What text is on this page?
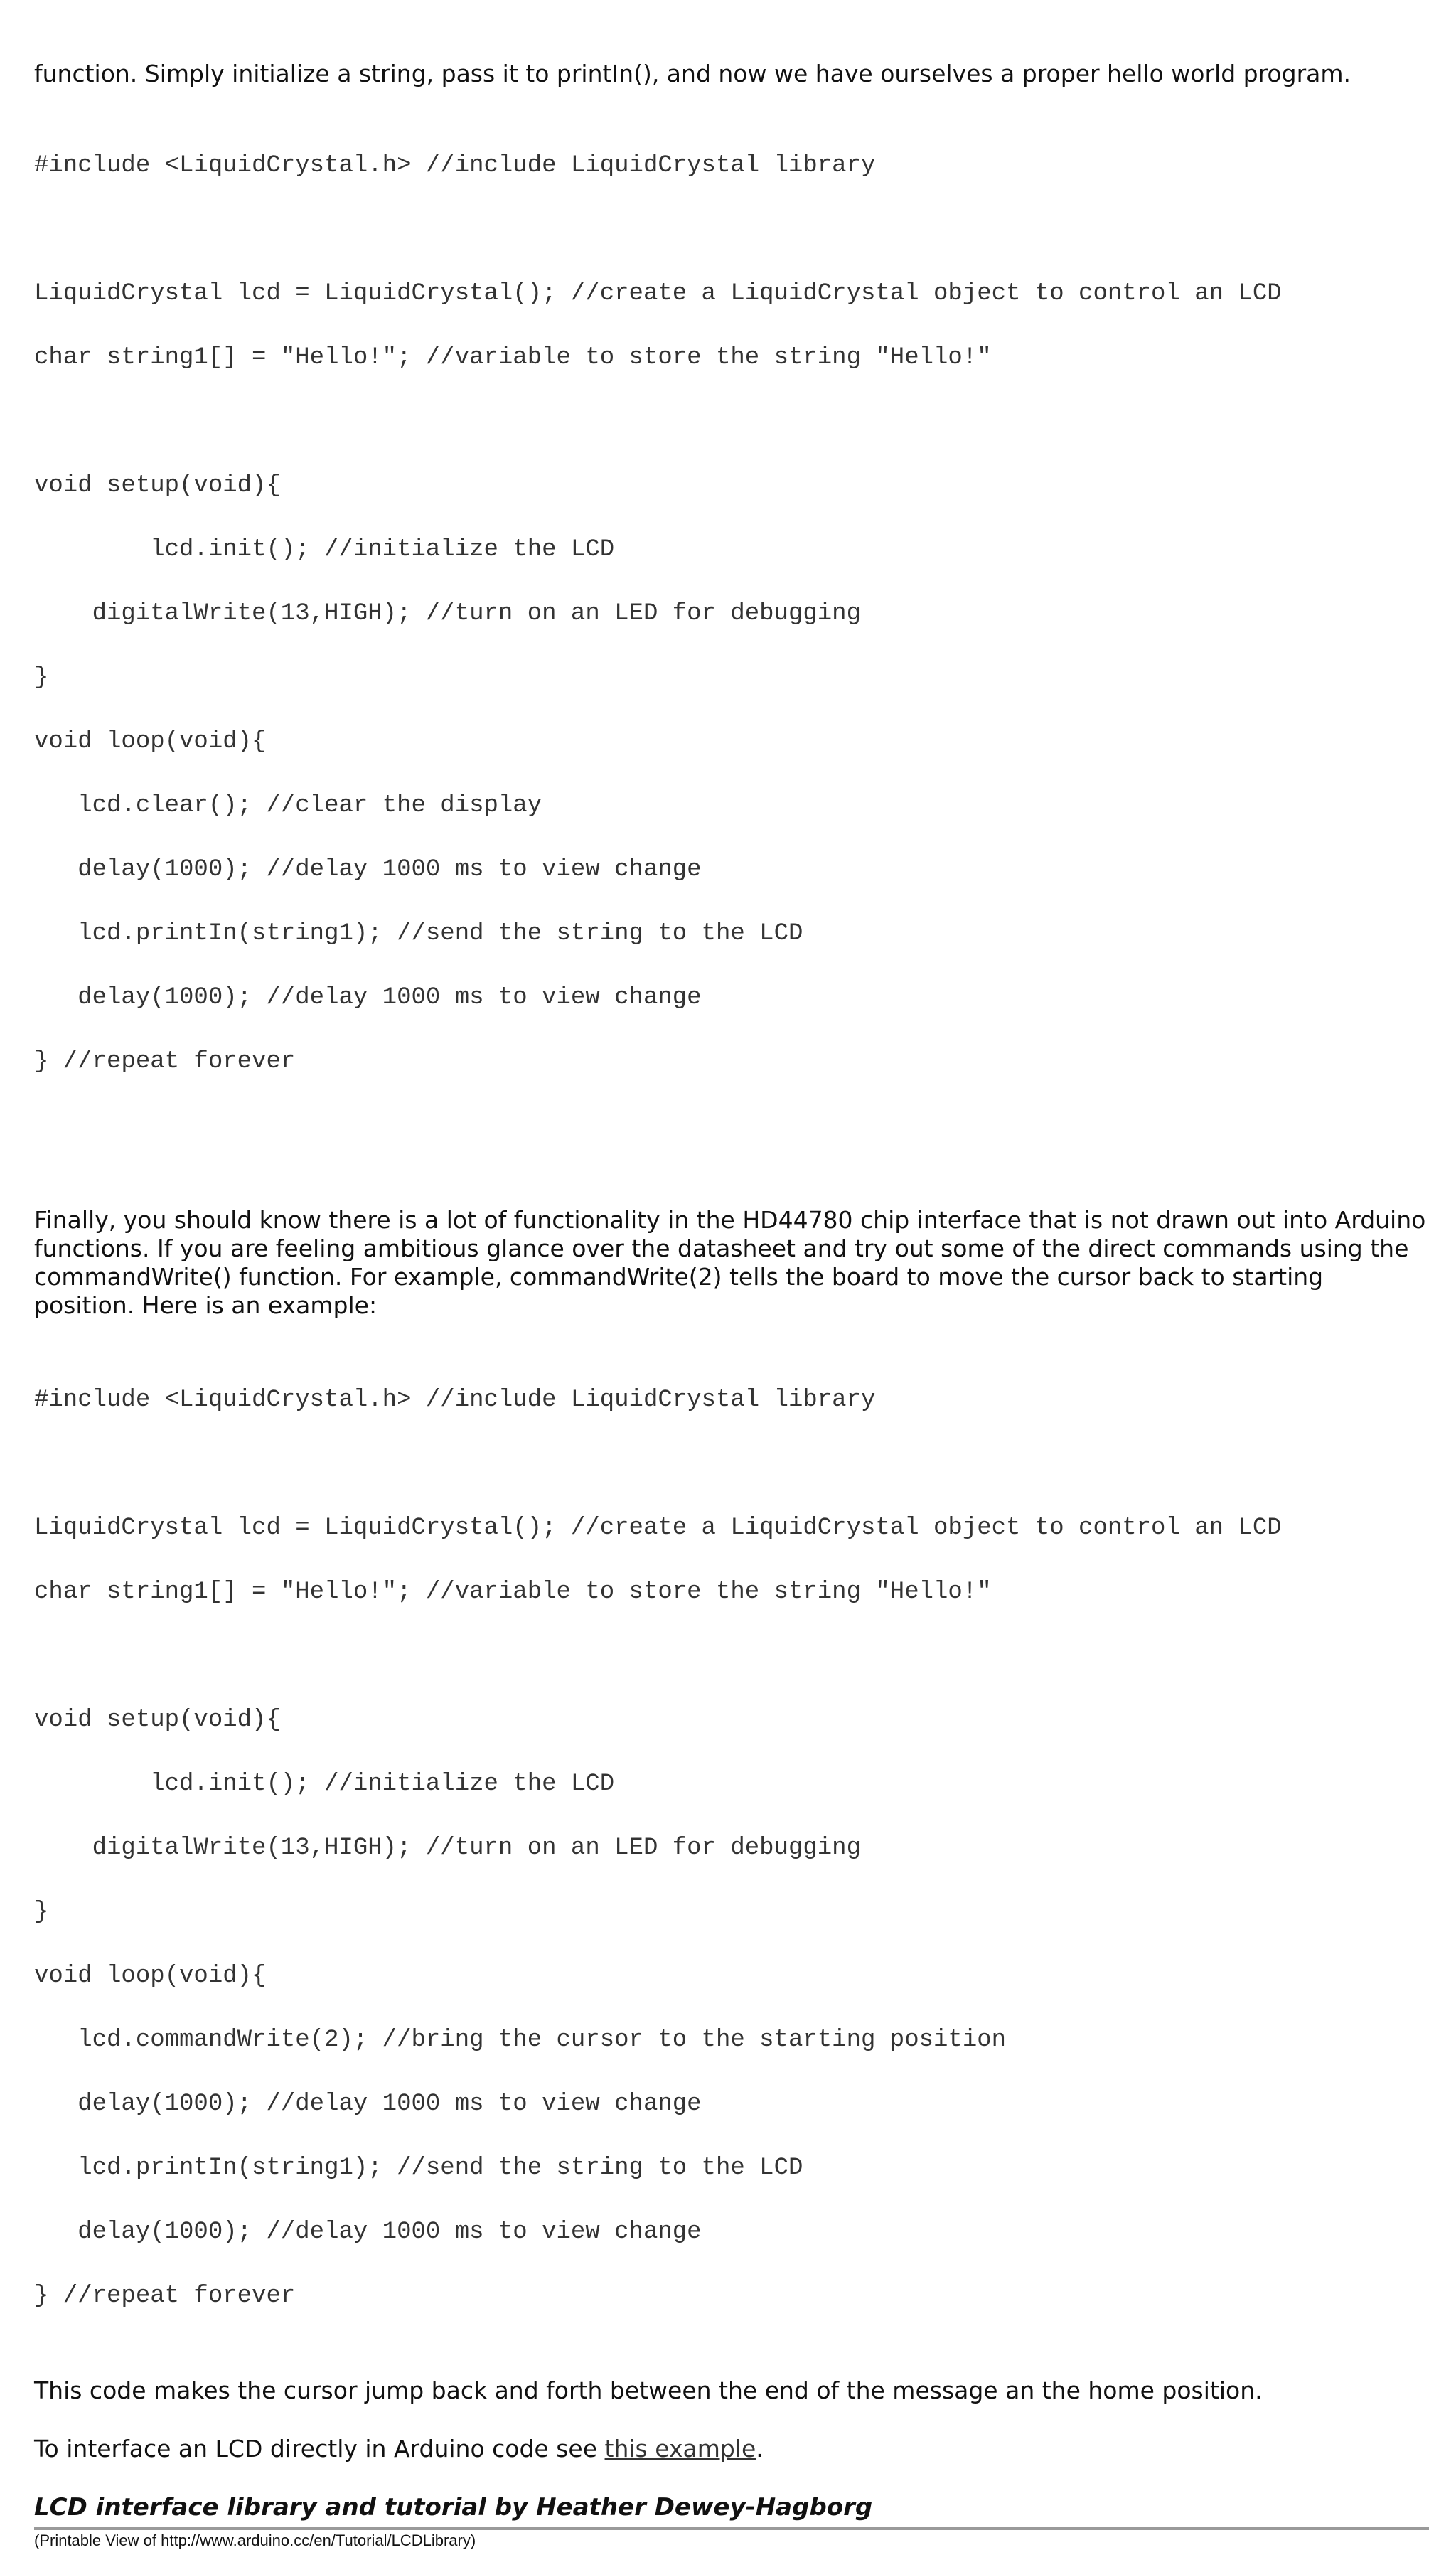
function. Simply initialize a string, pass it to printIn(), and now we have ourselves a proper hello world program.

#include <LiquidCrystal.h> //include LiquidCrystal library

LiquidCrystal lcd = LiquidCrystal(); //create a LiquidCrystal object to control an LCD

char string1[] = "Hello!"; //variable to store the string "Hello!"

void setup(void){

lcd.init(); //initialize the LCD

digitalWrite(13,HIGH); //turn on an LED for debugging

}

void loop(void){

lcd.clear(); //clear the display

delay(1000); //delay 1000 ms to view change

lcd.printIn(string1); //send the string to the LCD

delay(1000); //delay 1000 ms to view change

} //repeat forever

Finally, you should know there is a lot of functionality in the HD44780 chip interface that is not drawn out into Arduino functions. If you are feeling ambitious glance over the datasheet and try out some of the direct commands using the commandWrite() function. For example, commandWrite(2) tells the board to move the cursor back to starting position. Here is an example:

#include <LiquidCrystal.h> //include LiquidCrystal library

LiquidCrystal lcd = LiquidCrystal(); //create a LiquidCrystal object to control an LCD

char string1[] = "Hello!"; //variable to store the string "Hello!"

void setup(void){

lcd.init(); //initialize the LCD

digitalWrite(13,HIGH); //turn on an LED for debugging

}

void loop(void){

lcd.commandWrite(2); //bring the cursor to the starting position

delay(1000); //delay 1000 ms to view change

lcd.printIn(string1); //send the string to the LCD

delay(1000); //delay 1000 ms to view change

} //repeat forever

This code makes the cursor jump back and forth between the end of the message an the home position.

To interface an LCD directly in Arduino code see this example.

LCD interface library and tutorial by Heather Dewey-Hagborg

(Printable View of http://www.arduino.cc/en/Tutorial/LCDLibrary)
